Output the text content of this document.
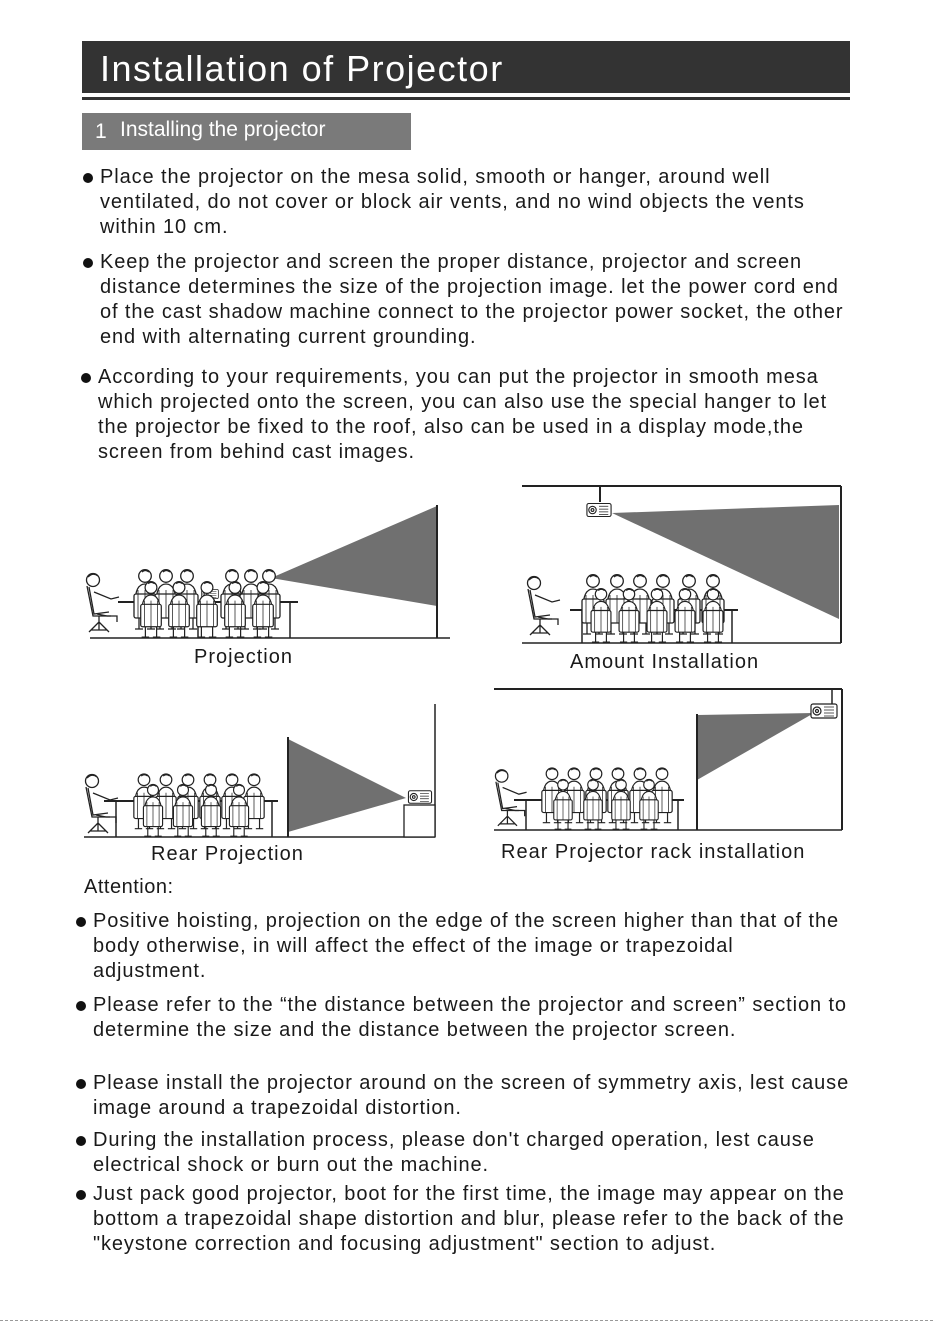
Installation of Projector
1 Installing the projector

Place the projector on the mesa solid, smooth or hanger, around well ventilated, do not cover or block air vents, and no wind objects the vents within 10 cm.

Keep the projector and screen the proper distance, projector and screen distance determines the size of the projection image. let the power cord end of the cast shadow machine connect to the projector power socket, the other end with alternating current grounding.

According to your requirements, you can put the projector in smooth mesa which projected onto the screen, you can also use the special hanger to let the projector be fixed to the roof, also can be used in a display mode,the screen from behind cast images.

Projection	Amount Installation
Rear Projection	Rear Projector rack installation
Attention:

Positive hoisting, projection on the edge of the screen higher than that of the body otherwise, in will affect the effect of the image or trapezoidal adjustment.

Please refer to the “the distance between the projector and screen” section to determine the size and the distance between the projector screen.

Please install the projector around on the screen of symmetry axis, lest cause image around a trapezoidal distortion.

During the installation process, please don't charged operation, lest cause electrical shock or burn out the machine.

Just pack good projector, boot for the first time, the image may appear on the bottom a trapezoidal shape distortion and blur, please refer to the back of the "keystone correction and focusing adjustment" section to adjust.
